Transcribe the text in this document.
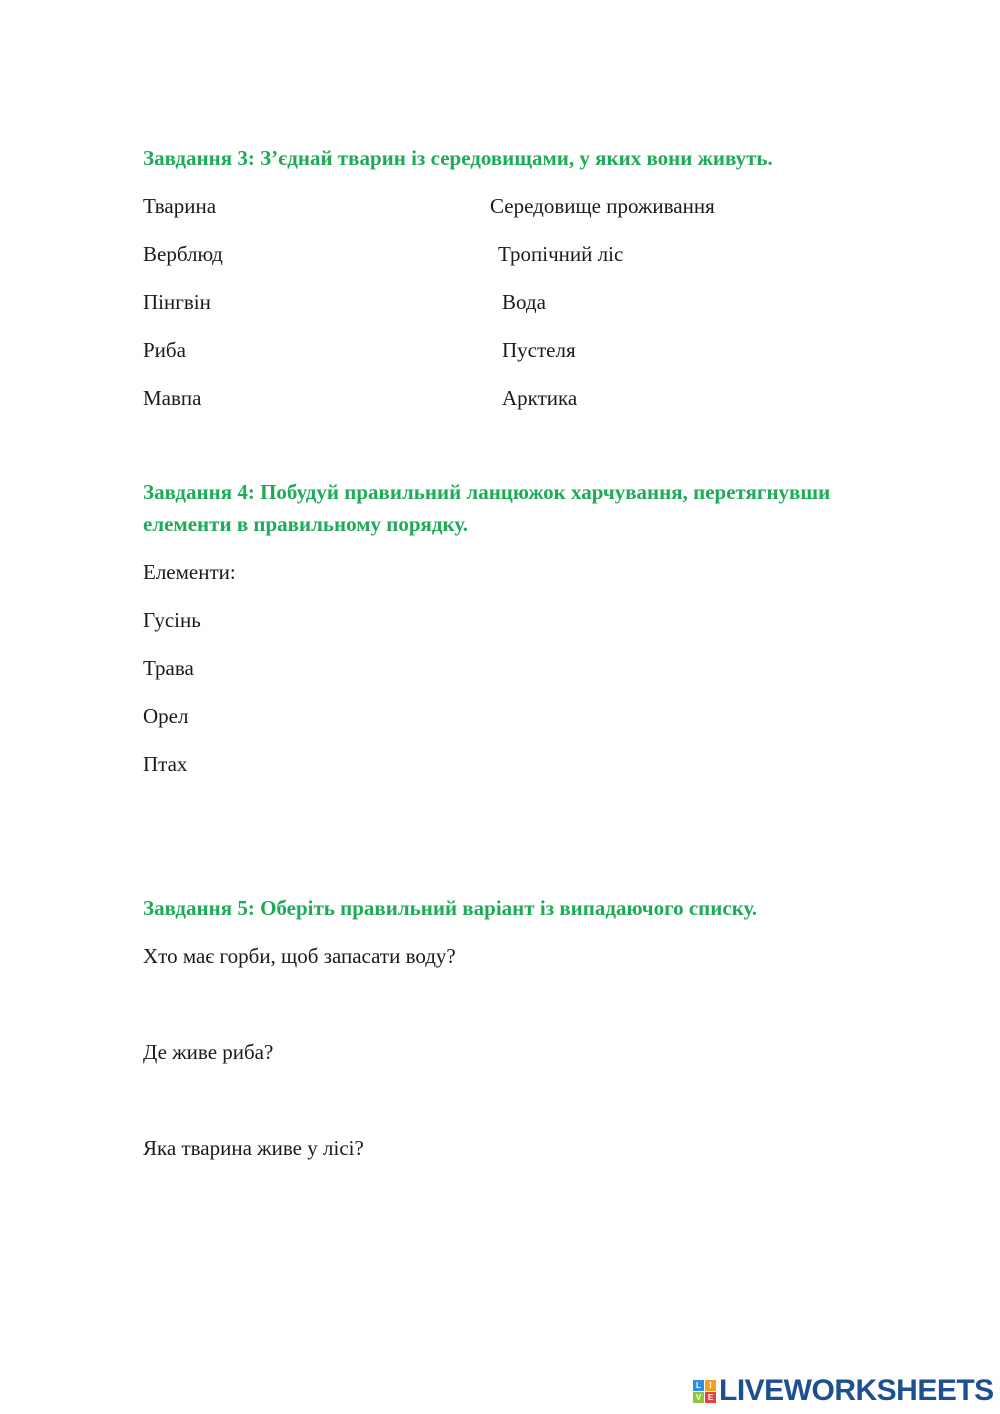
Завдання 3: З’єднай тварин із середовищами, у яких вони живуть.
Тварина	Середовище проживання
Верблюд
Пінгвін
Риба
Мавпа
Тропічний ліс
Вода
Пустеля
Арктика
Завдання 4: Побудуй правильний ланцюжок харчування, перетягнувши
елементи в правильному порядку.
Елементи:
Гусінь
Трава
Орел
Птах
Завдання 5: Оберіть правильний варіант із випадаючого списку.
Хто має горби, щоб запасати воду?
Де живе риба?
Яка тварина живе у лісі?
L	I
V E LIVEWORKSHEETS
